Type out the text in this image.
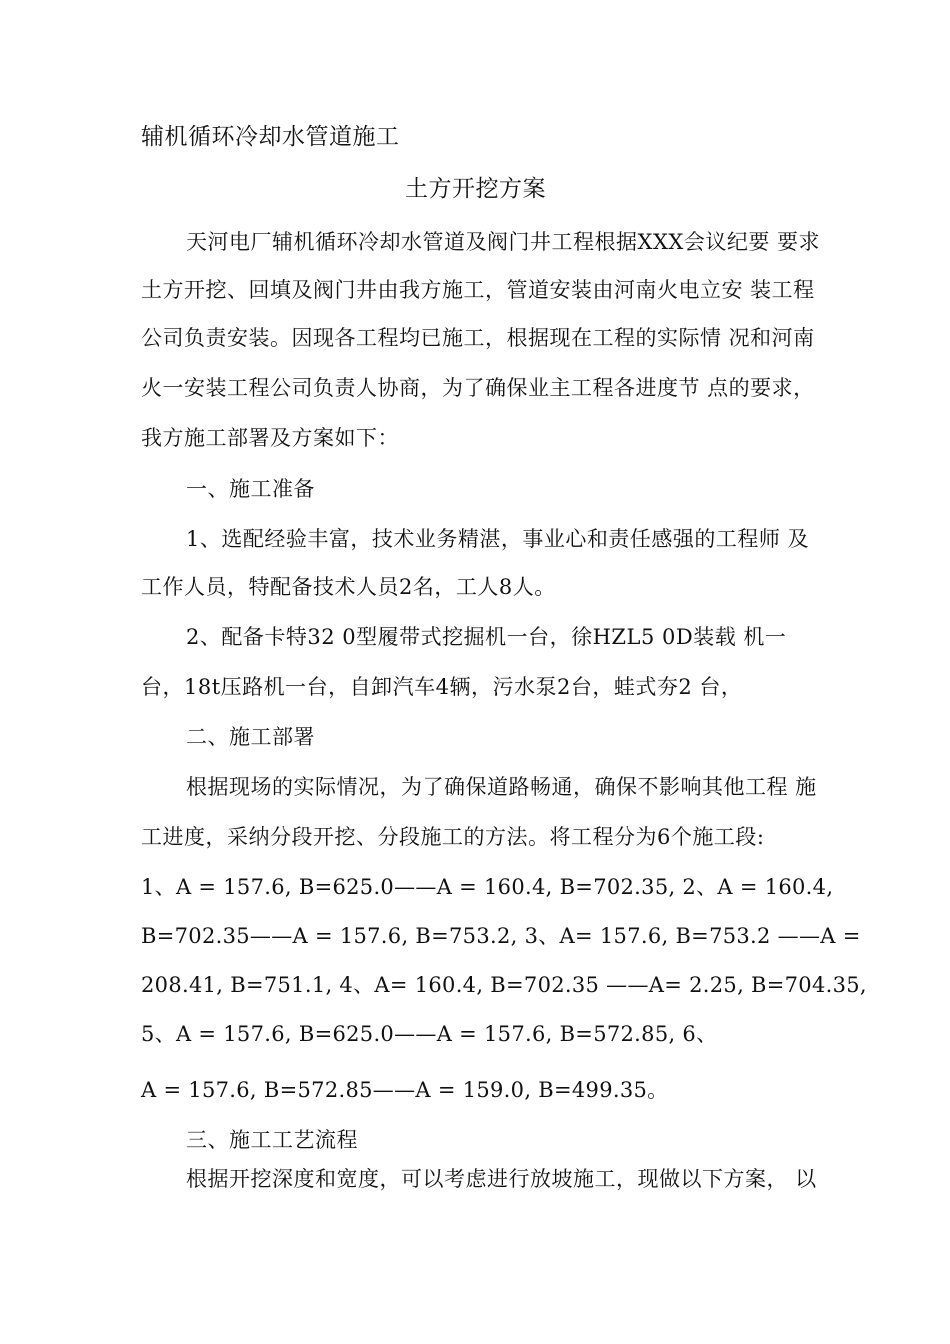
辅机循环冷却水管道施工
土方开挖方案
天河电厂辅机循环冷却水管道及阀门井工程根据XXX会议纪要 要求
土方开挖、回填及阀门井由我方施工，管道安装由河南火电立安 装工程
公司负责安装。因现各工程均已施工，根据现在工程的实际情 况和河南
火一安装工程公司负责人协商，为了确保业主工程各进度节 点的要求，
我方施工部署及方案如下：
一、施工准备
1、选配经验丰富，技术业务精湛，事业心和责任感强的工程师 及
工作人员，特配备技术人员2名，工人8人。
2、配备卡特32 0型履带式挖掘机一台，徐HZL5 0D装载 机一
台，18t压路机一台，自卸汽车4辆，污水泵2台，蛙式夯2 台，
二、施工部署
根据现场的实际情况，为了确保道路畅通，确保不影响其他工程 施
工进度，采纳分段开挖、分段施工的方法。将工程分为6个施工段:
1、A = 157.6, B=625.0——A = 160.4, B=702.35, 2、A = 160.4,
B=702.35——A = 157.6, B=753.2, 3、A= 157.6, B=753.2 ——A =
208.41, B=751.1, 4、A= 160.4, B=702.35 ——A= 2.25, B=704.35,
5、A = 157.6, B=625.0——A = 157.6, B=572.85, 6、
A = 157.6, B=572.85——A = 159.0, B=499.35。
三、施工工艺流程
根据开挖深度和宽度，可以考虑进行放坡施工，现做以下方案， 以
